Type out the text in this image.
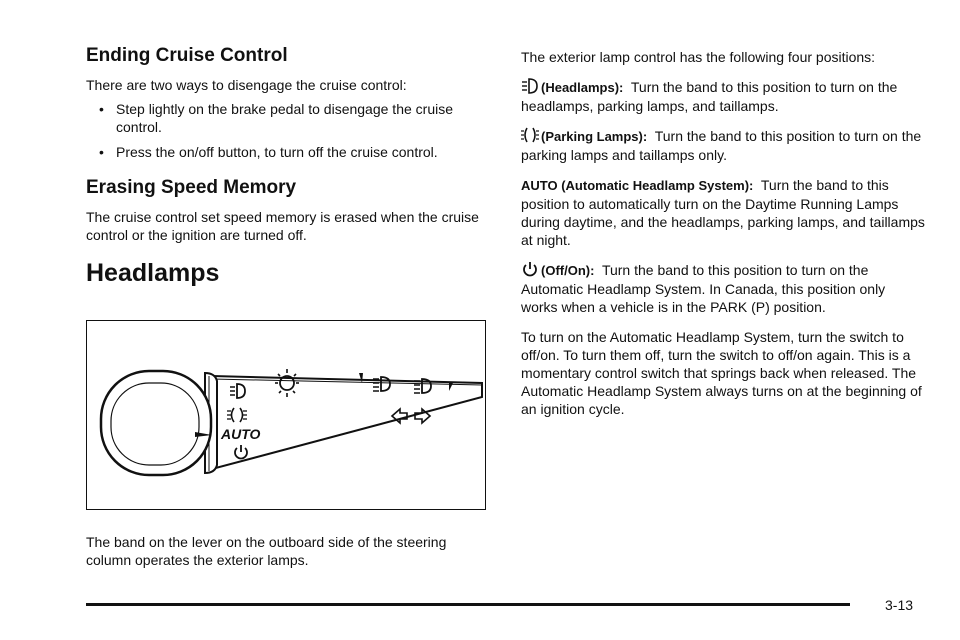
Ending Cruise Control

There are two ways to disengage the cruise control:

• Step lightly on the brake pedal to disengage the cruise control.
• Press the on/off button, to turn off the cruise control.
Erasing Speed Memory

The cruise control set speed memory is erased when the cruise control or the ignition are turned off.

Headlamps
AUTO

The band on the lever on the outboard side of the steering column operates the exterior lamps.

The exterior lamp control has the following four positions:

(Headlamps): Turn the band to this position to turn on the headlamps, parking lamps, and taillamps.

(Parking Lamps): Turn the band to this position to turn on the parking lamps and taillamps only.

AUTO (Automatic Headlamp System): Turn the band to this position to automatically turn on the Daytime Running Lamps during daytime, and the headlamps, parking lamps, and taillamps at night.

(Off/On): Turn the band to this position to turn on the Automatic Headlamp System. In Canada, this position only works when a vehicle is in the PARK (P) position.

To turn on the Automatic Headlamp System, turn the switch to off/on. To turn them off, turn the switch to off/on again. This is a momentary control switch that springs back when released. The Automatic Headlamp System always turns on at the beginning of an ignition cycle.

3-13
